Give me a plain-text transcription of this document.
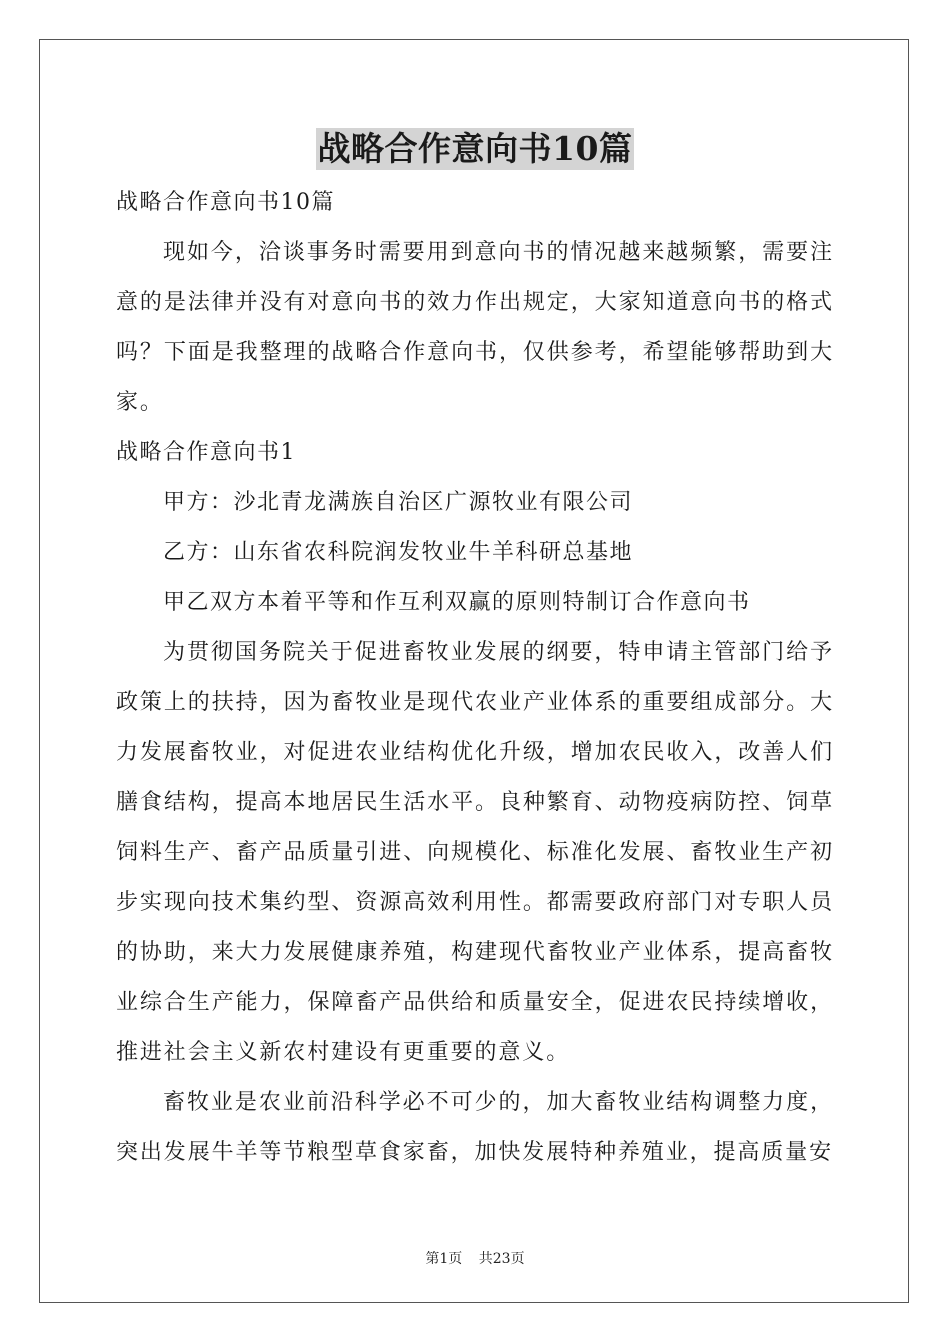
战略合作意向书10篇

战略合作意向书10篇

现如今，洽谈事务时需要用到意向书的情况越来越频繁，需要注意的是法律并没有对意向书的效力作出规定，大家知道意向书的格式吗？下面是我整理的战略合作意向书，仅供参考，希望能够帮助到大家。

战略合作意向书1

甲方：沙北青龙满族自治区广源牧业有限公司

乙方：山东省农科院润发牧业牛羊科研总基地

甲乙双方本着平等和作互利双赢的原则特制订合作意向书

为贯彻国务院关于促进畜牧业发展的纲要，特申请主管部门给予政策上的扶持，因为畜牧业是现代农业产业体系的重要组成部分。大力发展畜牧业，对促进农业结构优化升级，增加农民收入，改善人们膳食结构，提高本地居民生活水平。良种繁育、动物疫病防控、饲草饲料生产、畜产品质量引进、向规模化、标准化发展、畜牧业生产初步实现向技术集约型、资源高效利用性。都需要政府部门对专职人员的协助，来大力发展健康养殖，构建现代畜牧业产业体系，提高畜牧业综合生产能力，保障畜产品供给和质量安全，促进农民持续增收，推进社会主义新农村建设有更重要的意义。

畜牧业是农业前沿科学必不可少的，加大畜牧业结构调整力度，突出发展牛羊等节粮型草食家畜，加快发展特种养殖业，提高质量安

第1页 共23页
